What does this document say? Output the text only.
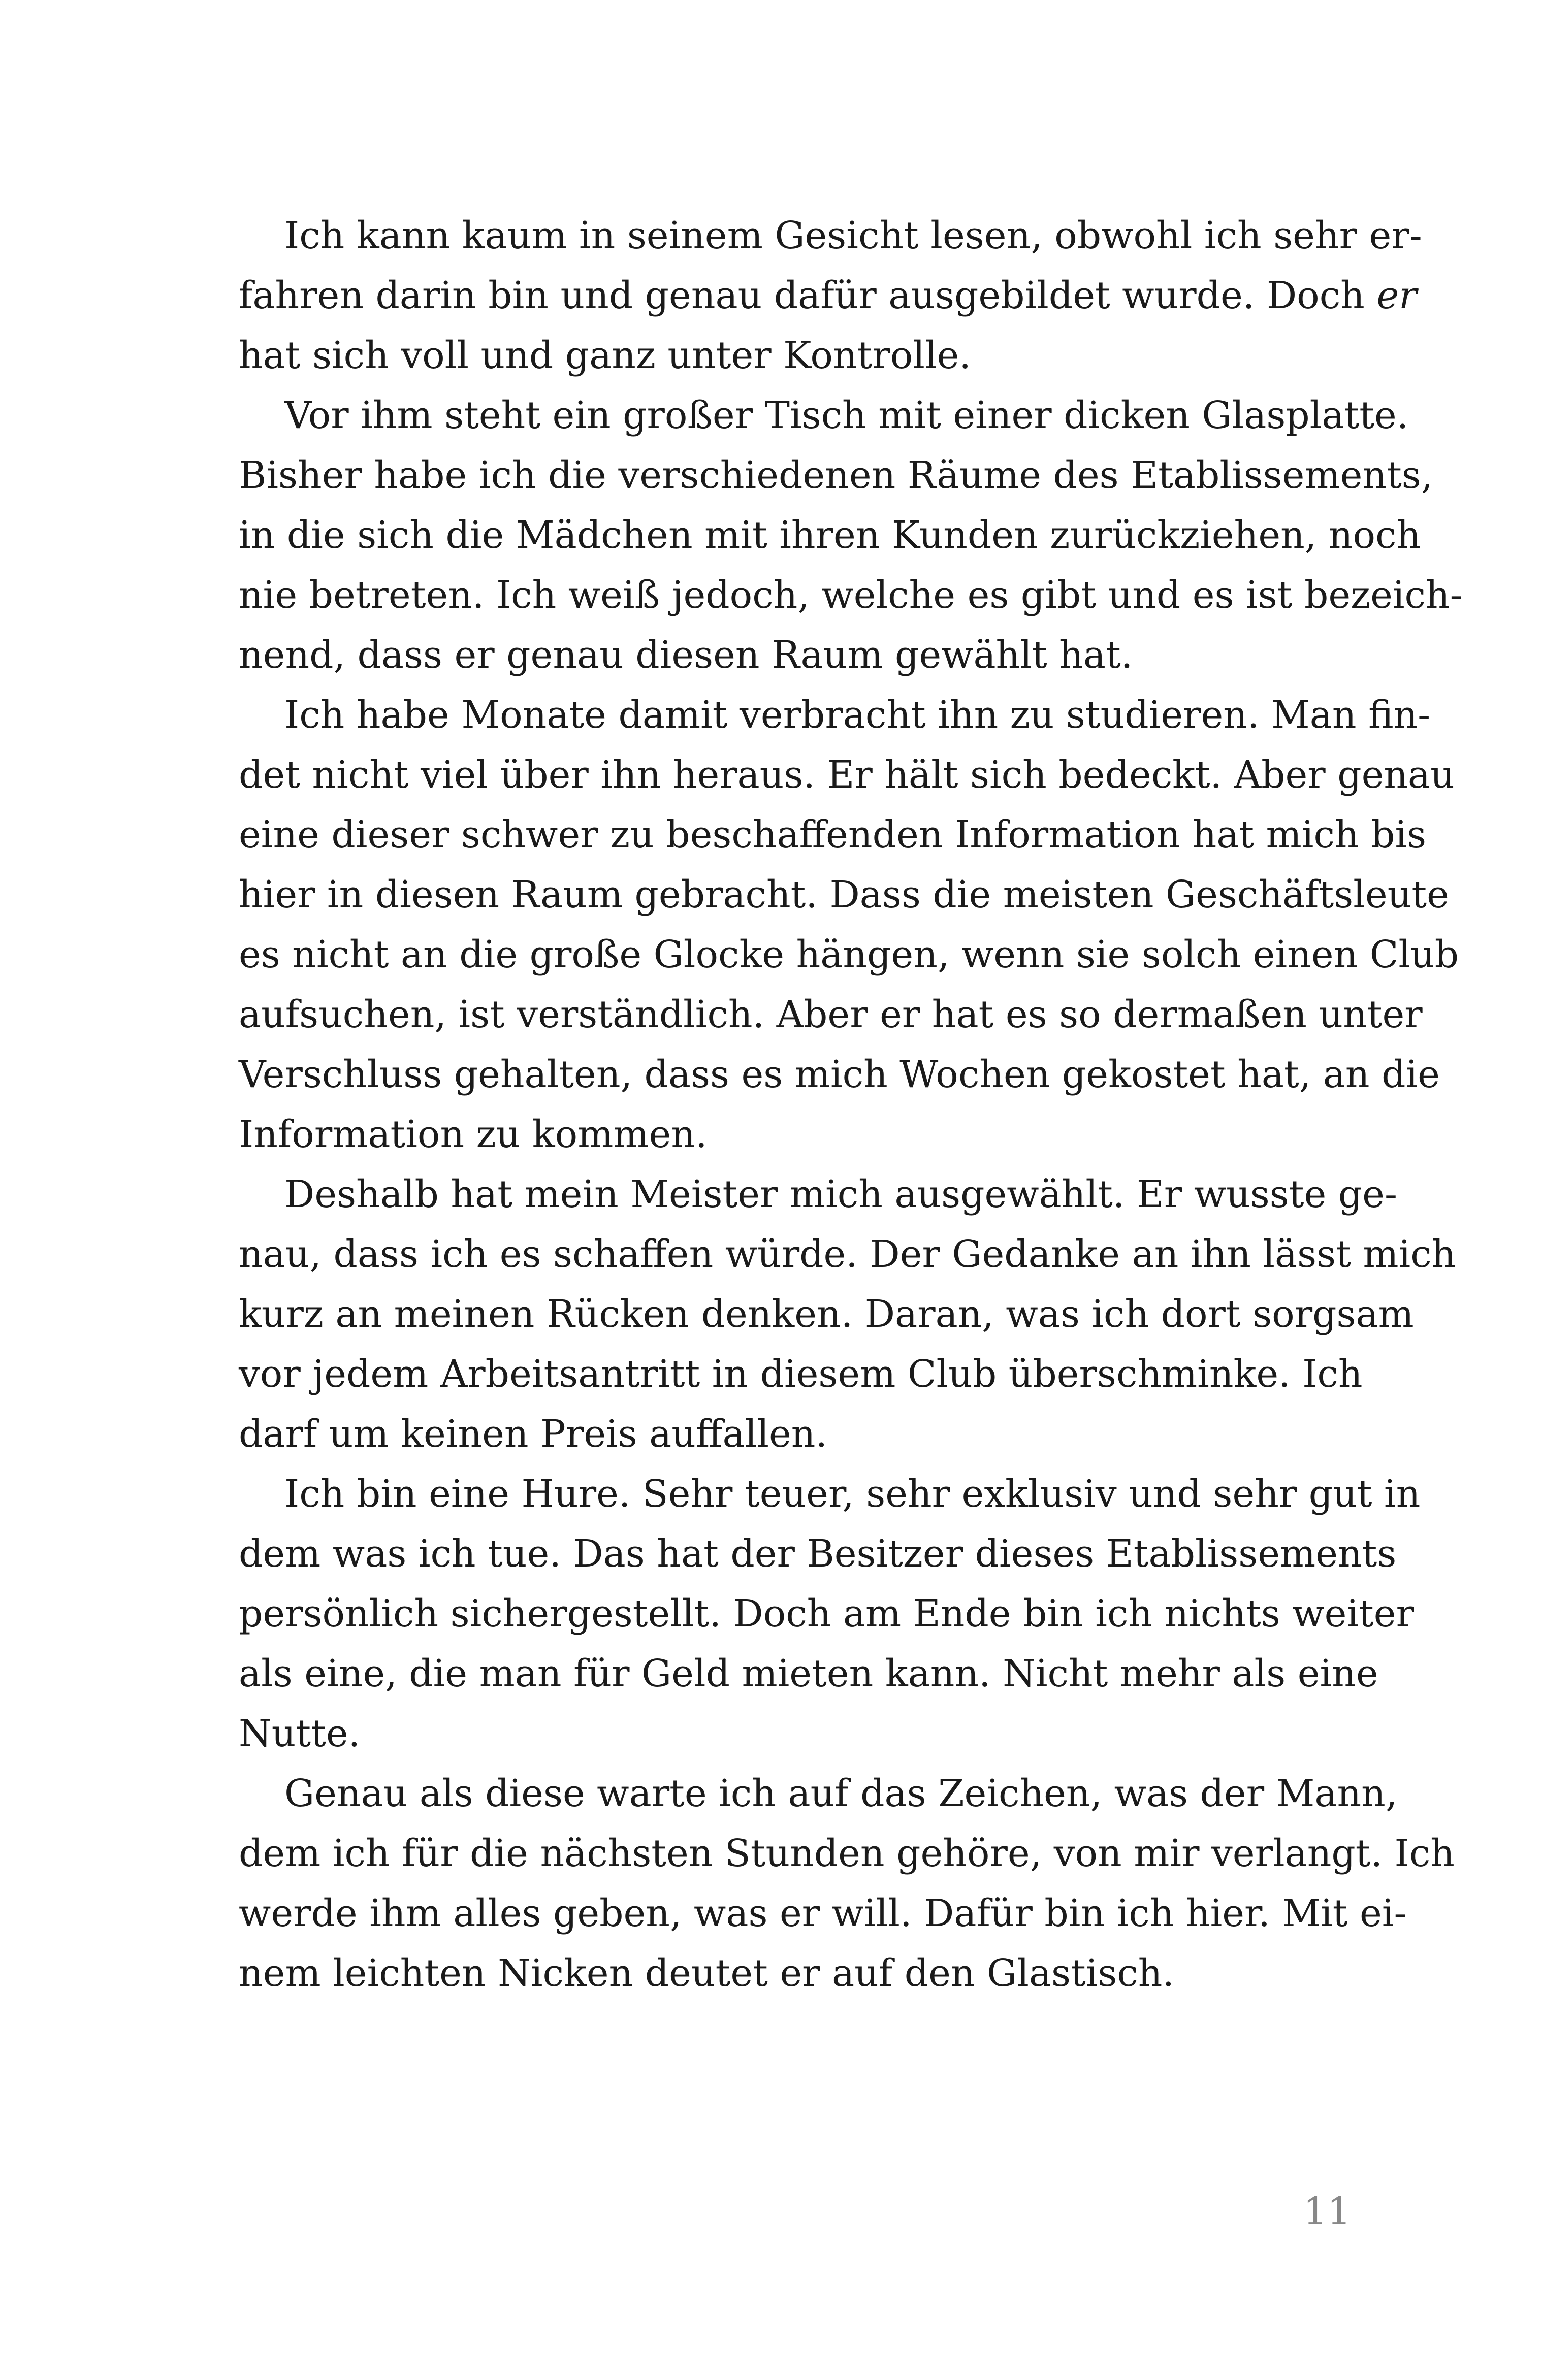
Ich kann kaum in seinem Gesicht lesen, obwohl ich sehr er-
fahren darin bin und genau dafür ausgebildet wurde. Doch er
hat sich voll und ganz unter Kontrolle.
Vor ihm steht ein großer Tisch mit einer dicken Glasplatte.
Bisher habe ich die verschiedenen Räume des Etablissements,
in die sich die Mädchen mit ihren Kunden zurückziehen, noch
nie betreten. Ich weiß jedoch, welche es gibt und es ist bezeich-
nend, dass er genau diesen Raum gewählt hat.
Ich habe Monate damit verbracht ihn zu studieren. Man fin-
det nicht viel über ihn heraus. Er hält sich bedeckt. Aber genau
eine dieser schwer zu beschaffenden Information hat mich bis
hier in diesen Raum gebracht. Dass die meisten Geschäftsleute
es nicht an die große Glocke hängen, wenn sie solch einen Club
aufsuchen, ist verständlich. Aber er hat es so dermaßen unter
Verschluss gehalten, dass es mich Wochen gekostet hat, an die
Information zu kommen.
Deshalb hat mein Meister mich ausgewählt. Er wusste ge-
nau, dass ich es schaffen würde. Der Gedanke an ihn lässt mich
kurz an meinen Rücken denken. Daran, was ich dort sorgsam
vor jedem Arbeitsantritt in diesem Club überschminke. Ich
darf um keinen Preis auffallen.
Ich bin eine Hure. Sehr teuer, sehr exklusiv und sehr gut in
dem was ich tue. Das hat der Besitzer dieses Etablissements
persönlich sichergestellt. Doch am Ende bin ich nichts weiter
als eine, die man für Geld mieten kann. Nicht mehr als eine
Nutte.
Genau als diese warte ich auf das Zeichen, was der Mann,
dem ich für die nächsten Stunden gehöre, von mir verlangt. Ich
werde ihm alles geben, was er will. Dafür bin ich hier. Mit ei-
nem leichten Nicken deutet er auf den Glastisch.
11
